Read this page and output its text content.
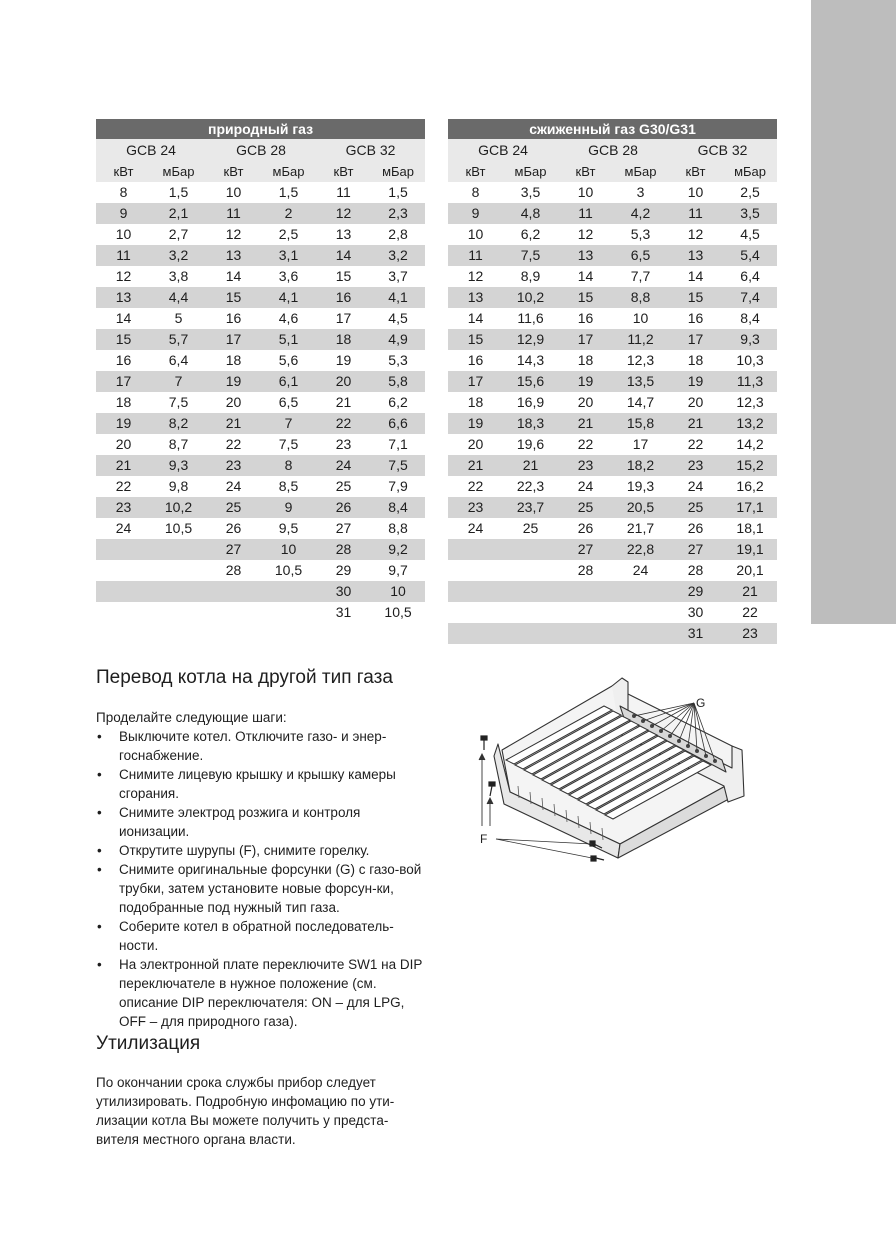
природный газ					
GCB 24		GCB 28		GCB 32	
кВт	мБар	кВт	мБар	кВт	мБар
8	1,5	10	1,5	11	1,5
9	2,1	11	2	12	2,3
10	2,7	12	2,5	13	2,8
11	3,2	13	3,1	14	3,2
12	3,8	14	3,6	15	3,7
13	4,4	15	4,1	16	4,1
14	5	16	4,6	17	4,5
15	5,7	17	5,1	18	4,9
16	6,4	18	5,6	19	5,3
17	7	19	6,1	20	5,8
18	7,5	20	6,5	21	6,2
19	8,2	21	7	22	6,6
20	8,7	22	7,5	23	7,1
21	9,3	23	8	24	7,5
22	9,8	24	8,5	25	7,9
23	10,2	25	9	26	8,4
24	10,5	26	9,5	27	8,8
		27	10	28	9,2
		28	10,5	29	9,7
				30	10
				31	10,5
сжиженный газ G30/G31					
GCB 24		GCB 28		GCB 32	
кВт	мБар	кВт	мБар	кВт	мБар
8	3,5	10	3	10	2,5
9	4,8	11	4,2	11	3,5
10	6,2	12	5,3	12	4,5
11	7,5	13	6,5	13	5,4
12	8,9	14	7,7	14	6,4
13	10,2	15	8,8	15	7,4
14	11,6	16	10	16	8,4
15	12,9	17	11,2	17	9,3
16	14,3	18	12,3	18	10,3
17	15,6	19	13,5	19	11,3
18	16,9	20	14,7	20	12,3
19	18,3	21	15,8	21	13,2
20	19,6	22	17	22	14,2
21	21	23	18,2	23	15,2
22	22,3	24	19,3	24	16,2
23	23,7	25	20,5	25	17,1
24	25	26	21,7	26	18,1
		27	22,8	27	19,1
		28	24	28	20,1
				29	21
				30	22
				31	23
Перевод котла на другой тип газа

Проделайте следующие шаги:

• Выключите котел. Отключите газо- и энер-госнабжение.
• Снимите лицевую крышку и крышку камеры сгорания.
• Снимите электрод розжига и контроля ионизации.
• Открутите шурупы (F), снимите горелку.
• Снимите оригинальные форсунки (G) с газо-вой трубки, затем установите новые форсун-ки, подобранные под нужный тип газа.
• Соберите котел в обратной последователь-ности.
• На электронной плате переключите SW1 на DIP переключателе в нужное положение (см. описание DIP переключателя: ON – для LPG, OFF – для природного газа).
Утилизация

По окончании срока службы прибор следует утилизировать. Подробную инфомацию по ути-лизации котла Вы можете получить у предста-вителя местного органа власти.

G
F
